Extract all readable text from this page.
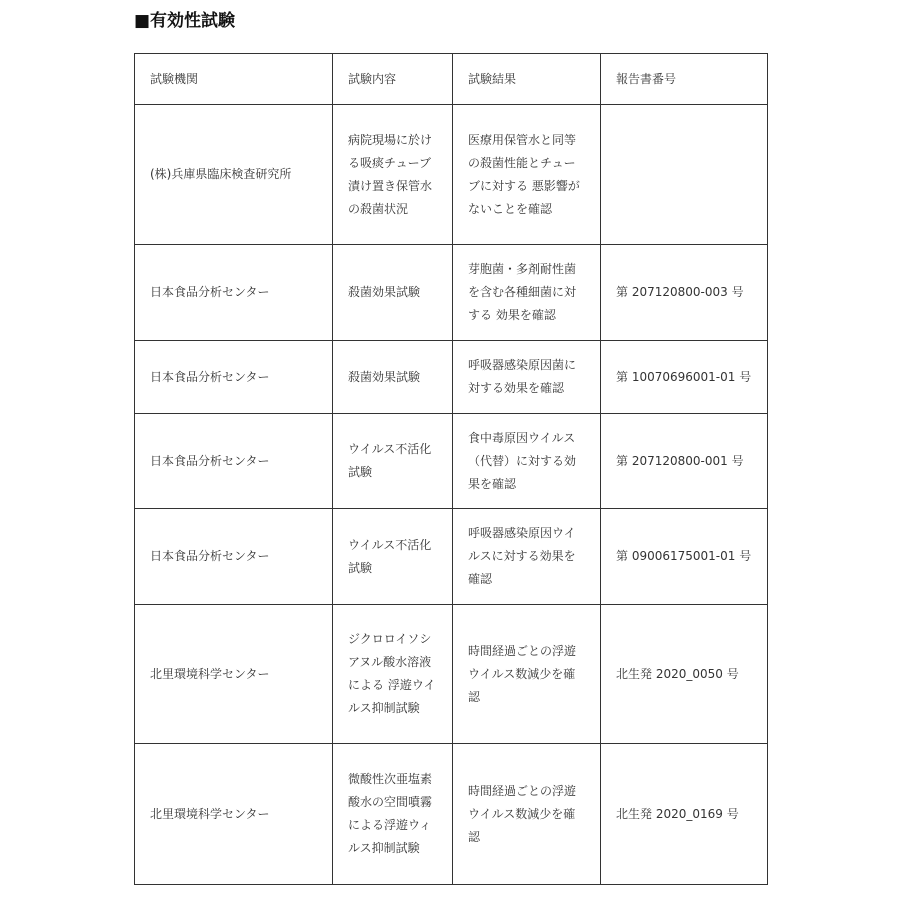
■有効性試験
試験機関	試験内容	試験結果	報告書番号
(株)兵庫県臨床検査研究所	病院現場に於ける吸痰チューブ漬け置き保管水の殺菌状況	医療用保管水と同等の殺菌性能とチューブに対する 悪影響がないことを確認	
日本食品分析センター	殺菌効果試験	芽胞菌・多剤耐性菌を含む各種細菌に対する 効果を確認	第 207120800-003 号
日本食品分析センター	殺菌効果試験	呼吸器感染原因菌に対する効果を確認	第 10070696001-01 号
日本食品分析センター	ウイルス不活化試験	食中毒原因ウイルス（代替）に対する効果を確認	第 207120800-001 号
日本食品分析センター	ウイルス不活化試験	呼吸器感染原因ウイルスに対する効果を確認	第 09006175001-01 号
北里環境科学センター	ジクロロイソシアヌル酸水溶液による 浮遊ウイルス抑制試験	時間経過ごとの浮遊ウイルス数減少を確認	北生発 2020_0050 号
北里環境科学センター	微酸性次亜塩素酸水の空間噴霧による浮遊ウィルス抑制試験	時間経過ごとの浮遊ウイルス数減少を確認	北生発 2020_0169 号
